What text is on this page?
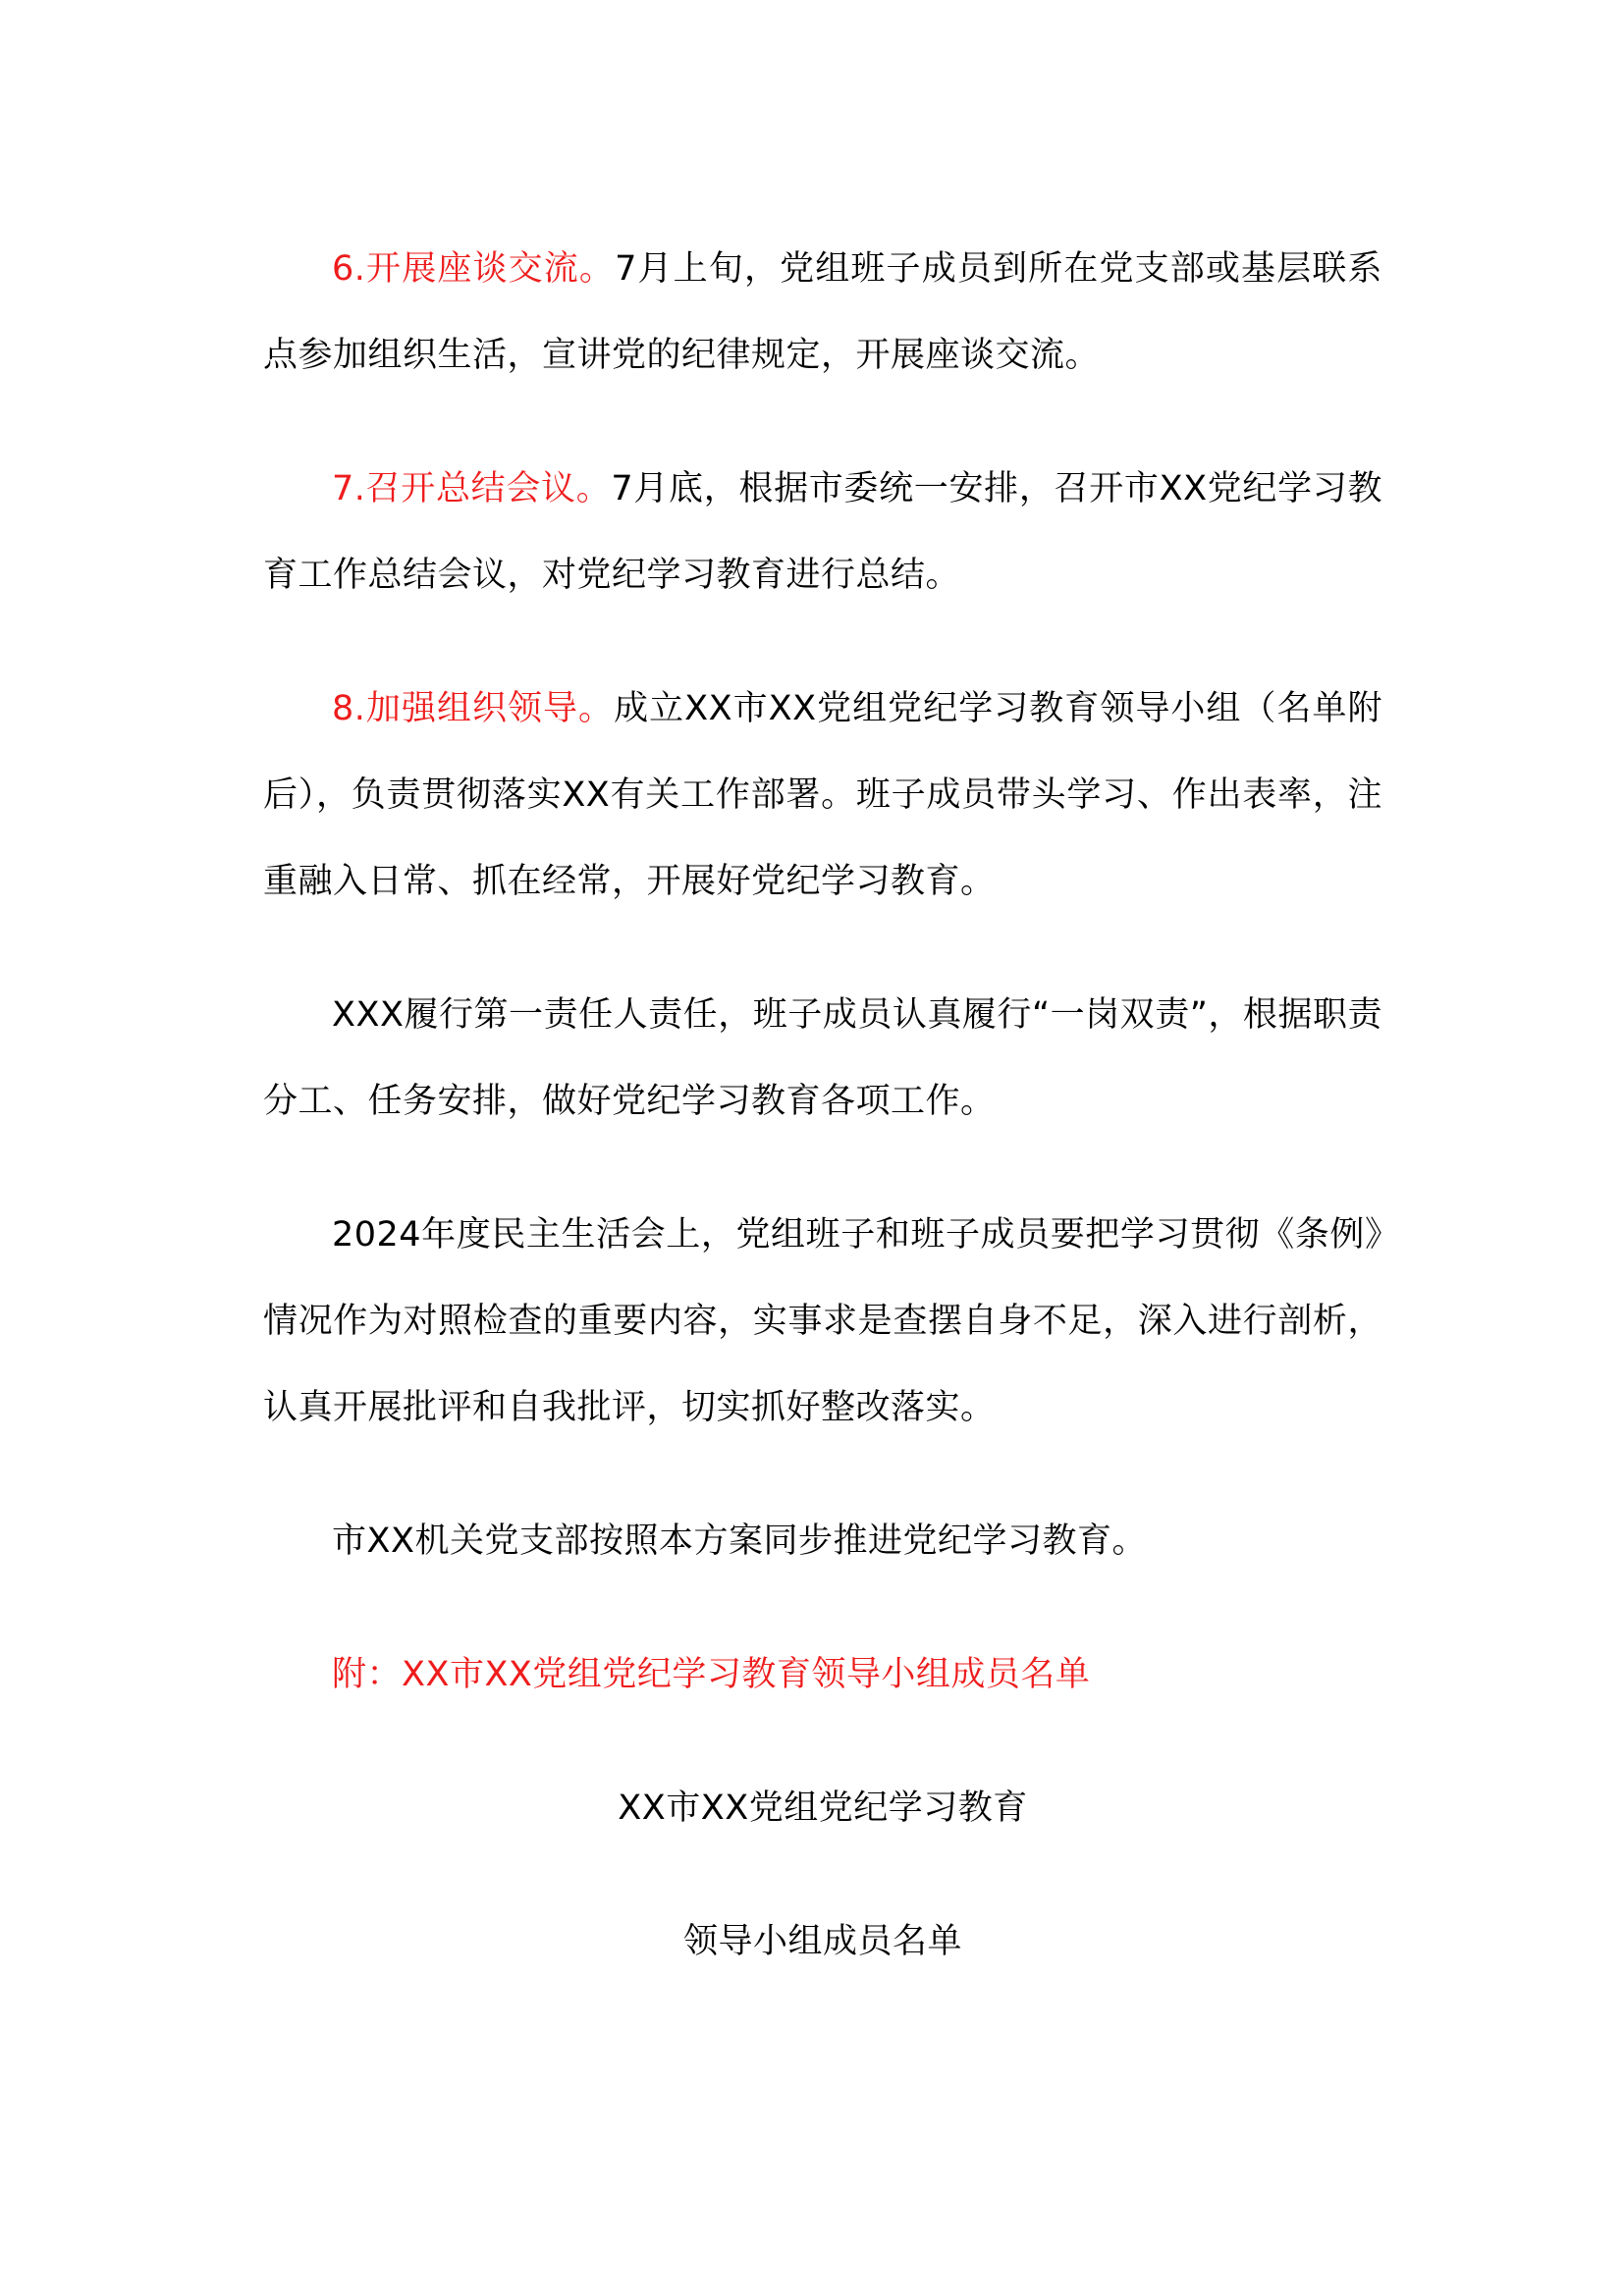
6.开展座谈交流。7月上旬，党组班子成员到所在党支部或基层联系点参加组织生活，宣讲党的纪律规定，开展座谈交流。

7.召开总结会议。7月底，根据市委统一安排，召开市XX党纪学习教育工作总结会议，对党纪学习教育进行总结。

8.加强组织领导。成立XX市XX党组党纪学习教育领导小组（名单附后），负责贯彻落实XX有关工作部署。班子成员带头学习、作出表率，注重融入日常、抓在经常，开展好党纪学习教育。

XXX履行第一责任人责任，班子成员认真履行“一岗双责”，根据职责分工、任务安排，做好党纪学习教育各项工作。

2024年度民主生活会上，党组班子和班子成员要把学习贯彻《条例》情况作为对照检查的重要内容，实事求是查摆自身不足，深入进行剖析，认真开展批评和自我批评，切实抓好整改落实。

市XX机关党支部按照本方案同步推进党纪学习教育。

附：XX市XX党组党纪学习教育领导小组成员名单

XX市XX党组党纪学习教育

领导小组成员名单
